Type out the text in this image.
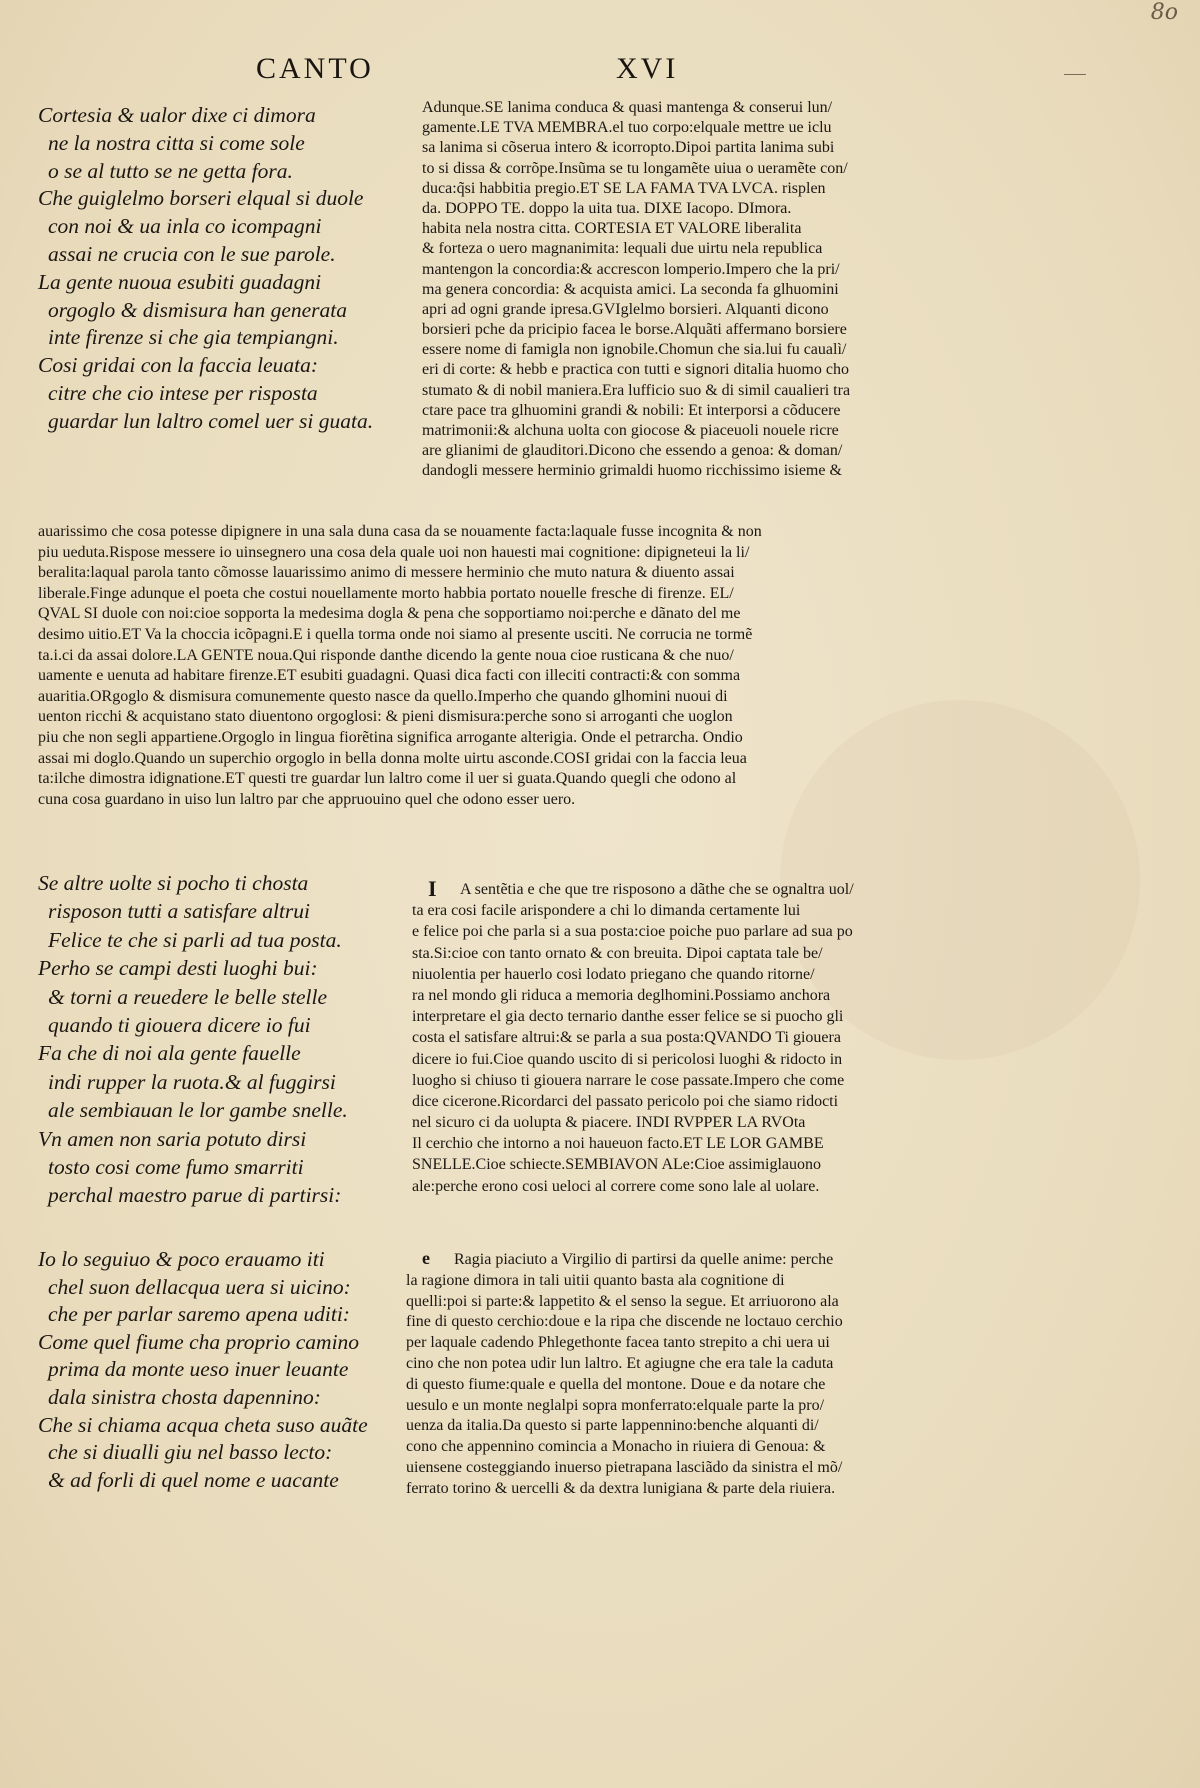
8o
CANTO	XVI
Cortesia & ualor dixe ci dimora
ne la nostra citta si come sole
o se al tutto se ne getta fora.
Che guiglelmo borseri elqual si duole
con noi & ua inla co icompagni
assai ne crucia con le sue parole.
La gente nuoua esubiti guadagni
orgoglo & dismisura han generata
inte firenze si che gia tempiangni.
Cosi gridai con la faccia leuata:
citre che cio intese per risposta
guardar lun laltro comel uer si guata.
Adunque.SE lanima conduca & quasi mantenga & conserui lun/
gamente.LE TVA MEMBRA.el tuo corpo:elquale mettre ue iclu
sa lanima si cõserua intero & icorropto.Dipoi partita lanima subi
to si dissa & corrõpe.Insũma se tu longamẽte uiua o ueramẽte con/
duca:q̃si habbitia pregio.ET SE LA FAMA TVA LVCA. risplen
da. DOPPO TE. doppo la uita tua. DIXE Iacopo. DImora.
habita nela nostra citta. CORTESIA ET VALORE liberalita
& forteza o uero magnanimita: lequali due uirtu nela republica
mantengon la concordia:& accrescon lomperio.Impero che la pri/
ma genera concordia: & acquista amici. La seconda fa glhuomini
apri ad ogni grande ipresa.GVIglelmo borsieri. Alquanti dicono
borsieri pche da pricipio facea le borse.Alquãti affermano borsiere
essere nome di famigla non ignobile.Chomun che sia.lui fu caualì/
eri di corte: & hebb e practica con tutti e signori ditalia huomo cho
stumato & di nobil maniera.Era lufficio suo & di simil caualieri tra
ctare pace tra glhuomini grandi & nobili: Et interporsi a cõducere
matrimonii:& alchuna uolta con giocose & piaceuoli nouele ricre
are glianimi de glauditori.Dicono che essendo a genoa: & doman/
dandogli messere herminio grimaldi huomo ricchissimo isieme &
auarissimo che cosa potesse dipignere in una sala duna casa da se nouamente facta:laquale fusse incognita & non
piu ueduta.Rispose messere io uinsegnero una cosa dela quale uoi non hauesti mai cognitione: dipigneteui la li/
beralita:laqual parola tanto cõmosse lauarissimo animo di messere herminio che muto natura & diuento assai
liberale.Finge adunque el poeta che costui nouellamente morto habbia portato nouelle fresche di firenze. EL/
QVAL SI duole con noi:cioe sopporta la medesima dogla & pena che sopportiamo noi:perche e dãnato del me
desimo uitio.ET Va la choccia icõpagni.E i quella torma onde noi siamo al presente usciti. Ne corrucia ne tormẽ
ta.i.ci da assai dolore.LA GENTE noua.Qui risponde danthe dicendo la gente noua cioe rusticana & che nuo/
uamente e uenuta ad habitare firenze.ET esubiti guadagni. Quasi dica facti con illeciti contracti:& con somma
auaritia.ORgoglo & dismisura comunemente questo nasce da quello.Imperho che quando glhomini nuoui di
uenton ricchi & acquistano stato diuentono orgoglosi: & pieni dismisura:perche sono si arroganti che uoglon
piu che non segli appartiene.Orgoglo in lingua fiorẽtina significa arrogante alterigia. Onde el petrarcha. Ondio
assai mi doglo.Quando un superchio orgoglo in bella donna molte uirtu asconde.COSI gridai con la faccia leua
ta:ilche dimostra idignatione.ET questi tre guardar lun laltro come il uer si guata.Quando quegli che odono al
cuna cosa guardano in uiso lun laltro par che appruouino quel che odono esser uero.
Se altre uolte si pocho ti chosta
risposon tutti a satisfare altrui
Felice te che si parli ad tua posta.
Perho se campi desti luoghi bui:
& torni a reuedere le belle stelle
quando ti giouera dicere io fui
Fa che di noi ala gente fauelle
indi rupper la ruota.& al fuggirsi
ale sembiauan le lor gambe snelle.
Vn amen non saria potuto dirsi
tosto cosi come fumo smarriti
perchal maestro parue di partirsi:
I	A sentẽtia e che que tre risposono a dãthe che se ognaltra uol/
ta era cosi facile arispondere a chi lo dimanda certamente lui
e felice poi che parla si a sua posta:cioe poiche puo parlare ad sua po
sta.Si:cioe con tanto ornato & con breuita. Dipoi captata tale be/
niuolentia per hauerlo cosi lodato priegano che quando ritorne/
ra nel mondo gli riduca a memoria deglhomini.Possiamo anchora
interpretare el gia decto ternario danthe esser felice se si puocho gli
costa el satisfare altrui:& se parla a sua posta:QVANDO Ti giouera
dicere io fui.Cioe quando uscito di si pericolosi luoghi & ridocto in
luogho si chiuso ti giouera narrare le cose passate.Impero che come
dice cicerone.Ricordarci del passato pericolo poi che siamo ridocti
nel sicuro ci da uolupta & piacere. INDI RVPPER LA RVOta
Il cerchio che intorno a noi haueuon facto.ET LE LOR GAMBE
SNELLE.Cioe schiecte.SEMBIAVON ALe:Cioe assimiglauono
ale:perche erono cosi ueloci al correre come sono lale al uolare.
Io lo seguiuo & poco erauamo iti
chel suon dellacqua uera si uicino:
che per parlar saremo apena uditi:
Come quel fiume cha proprio camino
prima da monte ueso inuer leuante
dala sinistra chosta dapennino:
Che si chiama acqua cheta suso auãte
che si diualli giu nel basso lecto:
& ad forli di quel nome e uacante
e	Ragia piaciuto a Virgilio di partirsi da quelle anime: perche
la ragione dimora in tali uitii quanto basta ala cognitione di
quelli:poi si parte:& lappetito & el senso la segue. Et arriuorono ala
fine di questo cerchio:doue e la ripa che discende ne loctauo cerchio
per laquale cadendo Phlegethonte facea tanto strepito a chi uera ui
cino che non potea udir lun laltro. Et agiugne che era tale la caduta
di questo fiume:quale e quella del montone. Doue e da notare che
uesulo e un monte neglalpi sopra monferrato:elquale parte la pro/
uenza da italia.Da questo si parte lappennino:benche alquanti di/
cono che appennino comincia a Monacho in riuiera di Genoua: &
uiensene costeggiando inuerso pietrapana lasciãdo da sinistra el mõ/
ferrato torino & uercelli & da dextra lunigiana & parte dela riuiera.
